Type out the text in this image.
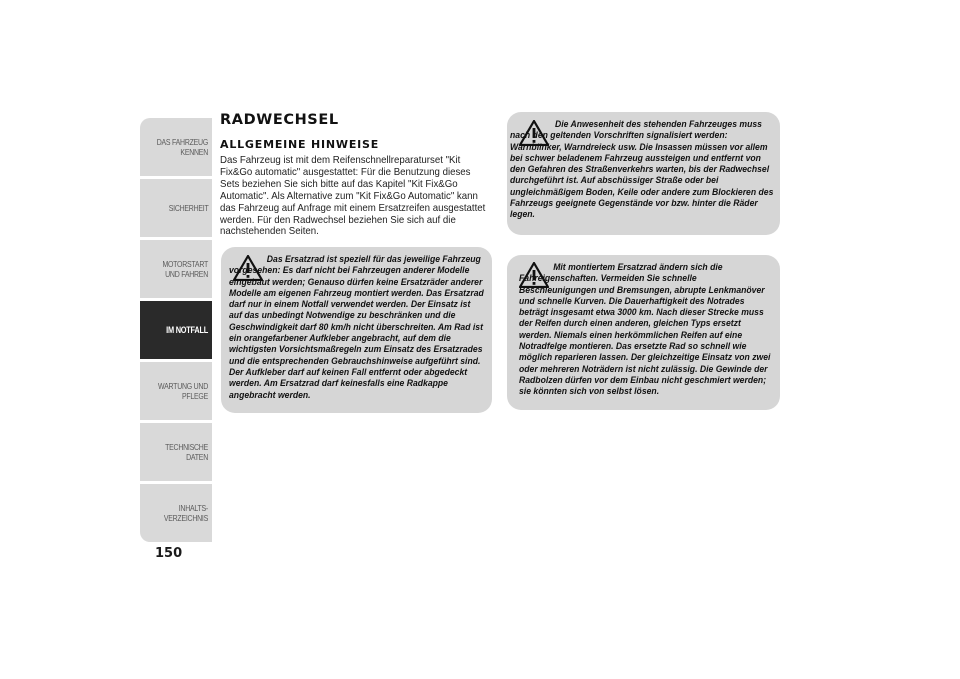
DAS FAHRZEUG KENNEN
SICHERHEIT
MOTORSTART UND FAHREN
IM NOTFALL
WARTUNG UND PFLEGE
TECHNISCHE DATEN
INHALTS-VERZEICHNIS
150
RADWECHSEL
ALLGEMEINE HINWEISE

Das Fahrzeug ist mit dem Reifenschnellreparaturset "Kit Fix&Go automatic" ausgestattet: Für die Benutzung dieses Sets beziehen Sie sich bitte auf das Kapitel "Kit Fix&Go Automatic". Als Alternative zum "Kit Fix&Go Automatic" kann das Fahrzeug auf Anfrage mit einem Ersatzreifen ausgestattet werden. Für den Radwechsel beziehen Sie sich auf die nachstehenden Seiten.

Das Ersatzrad ist speziell für das jeweilige Fahrzeug vorgesehen: Es darf nicht bei Fahrzeugen anderer Modelle eingebaut werden; Genauso dürfen keine Ersatzräder anderer Modelle am eigenen Fahrzeug montiert werden. Das Ersatzrad darf nur in einem Notfall verwendet werden. Der Einsatz ist auf das unbedingt Notwendige zu beschränken und die Geschwindigkeit darf 80 km/h nicht überschreiten. Am Rad ist ein orangefarbener Aufkleber angebracht, auf dem die wichtigsten Vorsichtsmaßregeln zum Einsatz des Ersatzrades und die entsprechenden Gebrauchshinweise aufgeführt sind. Der Aufkleber darf auf keinen Fall entfernt oder abgedeckt werden. Am Ersatzrad darf keinesfalls eine Radkappe angebracht werden.

Die Anwesenheit des stehenden Fahrzeuges muss nach den geltenden Vorschriften signalisiert werden: Warnblinker, Warndreieck usw. Die Insassen müssen vor allem bei schwer beladenem Fahrzeug aussteigen und entfernt von den Gefahren des Straßenverkehrs warten, bis der Radwechsel durchgeführt ist. Auf abschüssiger Straße oder bei ungleichmäßigem Boden, Keile oder andere zum Blockieren des Fahrzeugs geeignete Gegenstände vor bzw. hinter die Räder legen.

Mit montiertem Ersatzrad ändern sich die Fahreigenschaften. Vermeiden Sie schnelle Beschleunigungen und Bremsungen, abrupte Lenkmanöver und schnelle Kurven. Die Dauerhaftigkeit des Notrades beträgt insgesamt etwa 3000 km. Nach dieser Strecke muss der Reifen durch einen anderen, gleichen Typs ersetzt werden. Niemals einen herkömmlichen Reifen auf eine Notradfelge montieren. Das ersetzte Rad so schnell wie möglich reparieren lassen. Der gleichzeitige Einsatz von zwei oder mehreren Noträdern ist nicht zulässig. Die Gewinde der Radbolzen dürfen vor dem Einbau nicht geschmiert werden; sie könnten sich von selbst lösen.
